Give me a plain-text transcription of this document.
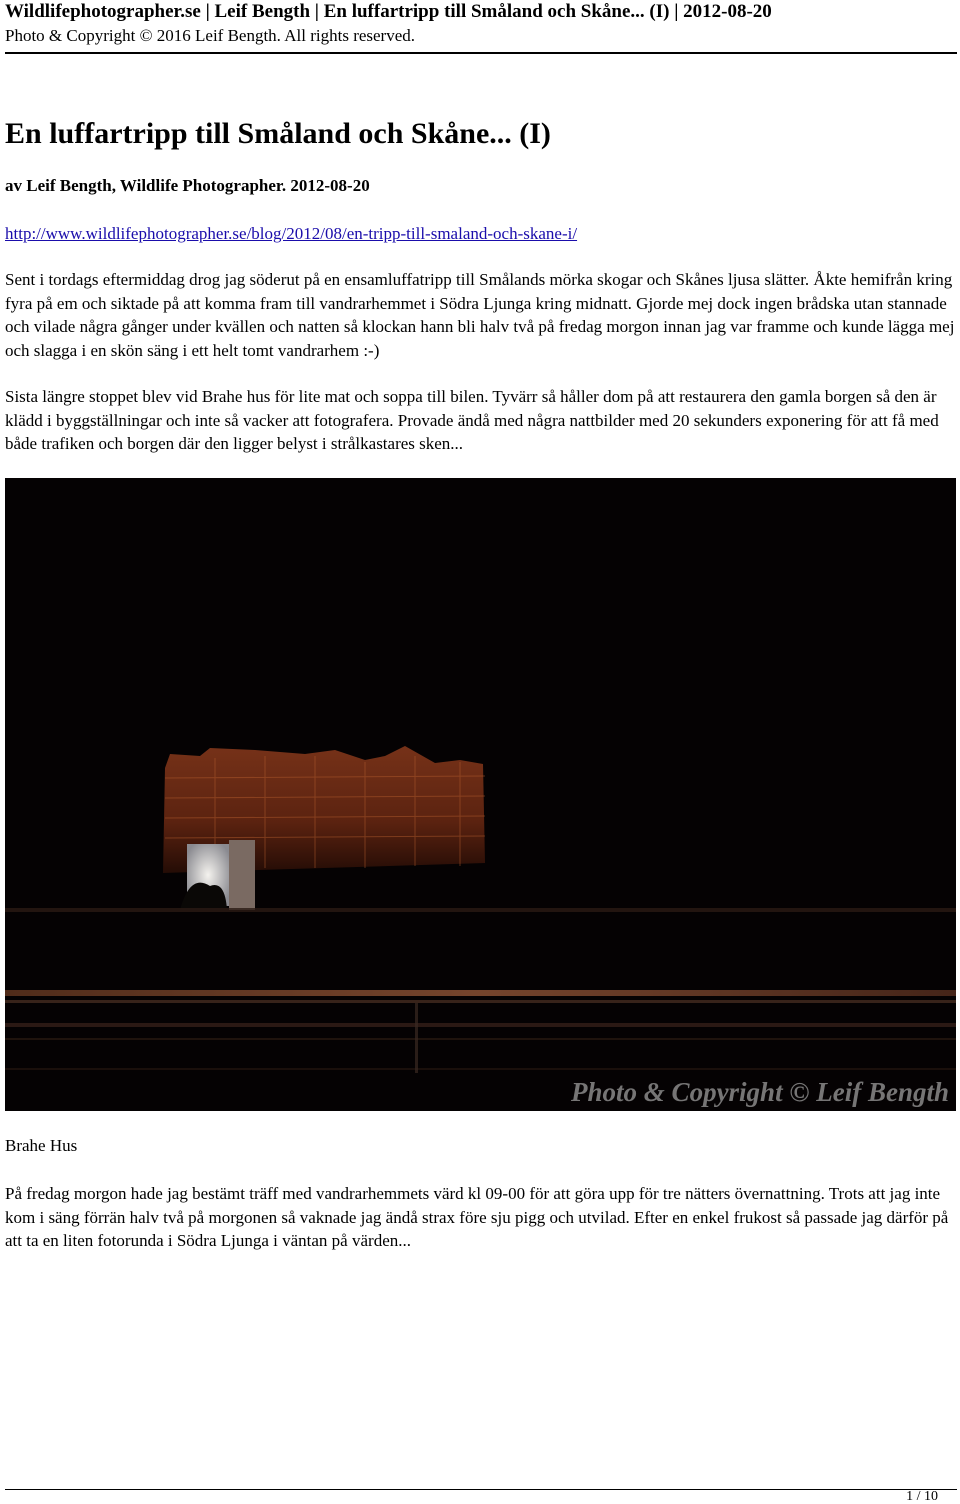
Wildlifephotographer.se | Leif Bength | En luffartripp till Småland och Skåne... (I) | 2012-08-20
Photo & Copyright © 2016 Leif Bength. All rights reserved.
En luffartripp till Småland och Skåne... (I)
av Leif Bength, Wildlife Photographer. 2012-08-20
http://www.wildlifephotographer.se/blog/2012/08/en-tripp-till-smaland-och-skane-i/

Sent i tordags eftermiddag drog jag söderut på en ensamluffatripp till Smålands mörka skogar och Skånes ljusa slätter. Åkte hemifrån kring fyra på em och siktade på att komma fram till vandrarhemmet i Södra Ljunga kring midnatt. Gjorde mej dock ingen brådska utan stannade och vilade några gånger under kvällen och natten så klockan hann bli halv två på fredag morgon innan jag var framme och kunde lägga mej och slagga i en skön säng i ett helt tomt vandrarhem :-)

Sista längre stoppet blev vid Brahe hus för lite mat och soppa till bilen. Tyvärr så håller dom på att restaurera den gamla borgen så den är klädd i byggställningar och inte så vacker att fotografera. Provade ändå med några nattbilder med 20 sekunders exponering för att få med både trafiken och borgen där den ligger belyst i strålkastares sken...

Photo & Copyright © Leif Bength
Brahe Hus

På fredag morgon hade jag bestämt träff med vandrarhemmets värd kl 09-00 för att göra upp för tre nätters övernattning. Trots att jag inte kom i säng förrän halv två på morgonen så vaknade jag ändå strax före sju pigg och utvilad. Efter en enkel frukost så passade jag därför på att ta en liten fotorunda i Södra Ljunga i väntan på värden...

1 / 10
